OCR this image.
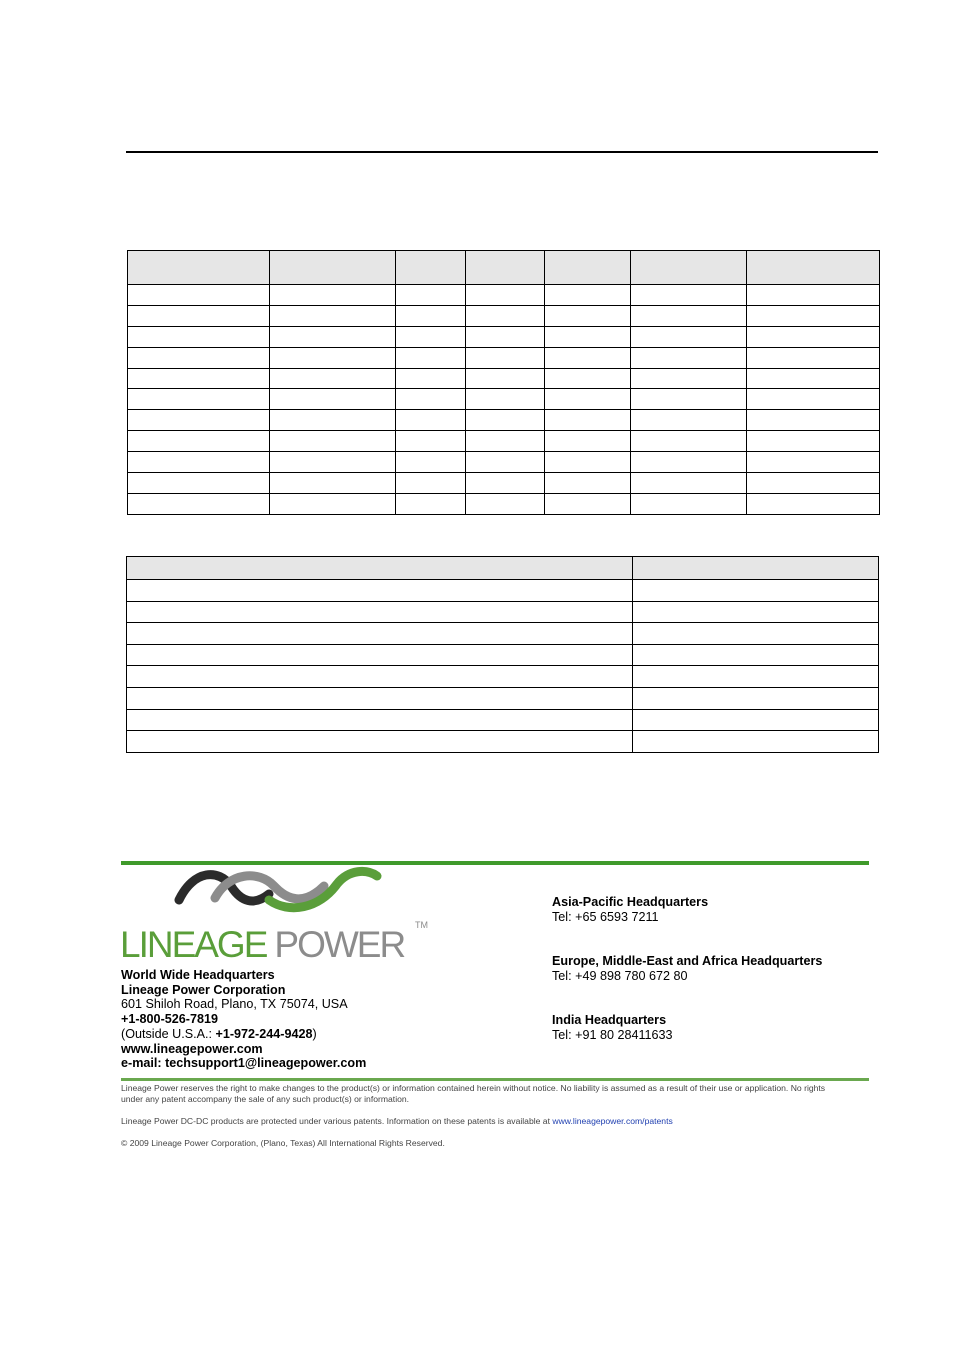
LINEAGE POWER TM
World Wide Headquarters
Lineage Power Corporation
601 Shiloh Road, Plano, TX 75074, USA
+1-800-526-7819
(Outside U.S.A.: +1-972-244-9428)
www.lineagepower.com
e-mail: techsupport1@lineagepower.com
Asia-Pacific Headquarters
Tel: +65 6593 7211
Europe, Middle-East and Africa Headquarters
Tel: +49 898 780 672 80
India Headquarters
Tel: +91 80 28411633
Lineage Power reserves the right to make changes to the product(s) or information contained herein without notice. No liability is assumed as a result of their use or application. No rights under any patent accompany the sale of any such product(s) or information.
Lineage Power DC-DC products are protected under various patents. Information on these patents is available at www.lineagepower.com/patents
© 2009 Lineage Power Corporation, (Plano, Texas) All International Rights Reserved.
